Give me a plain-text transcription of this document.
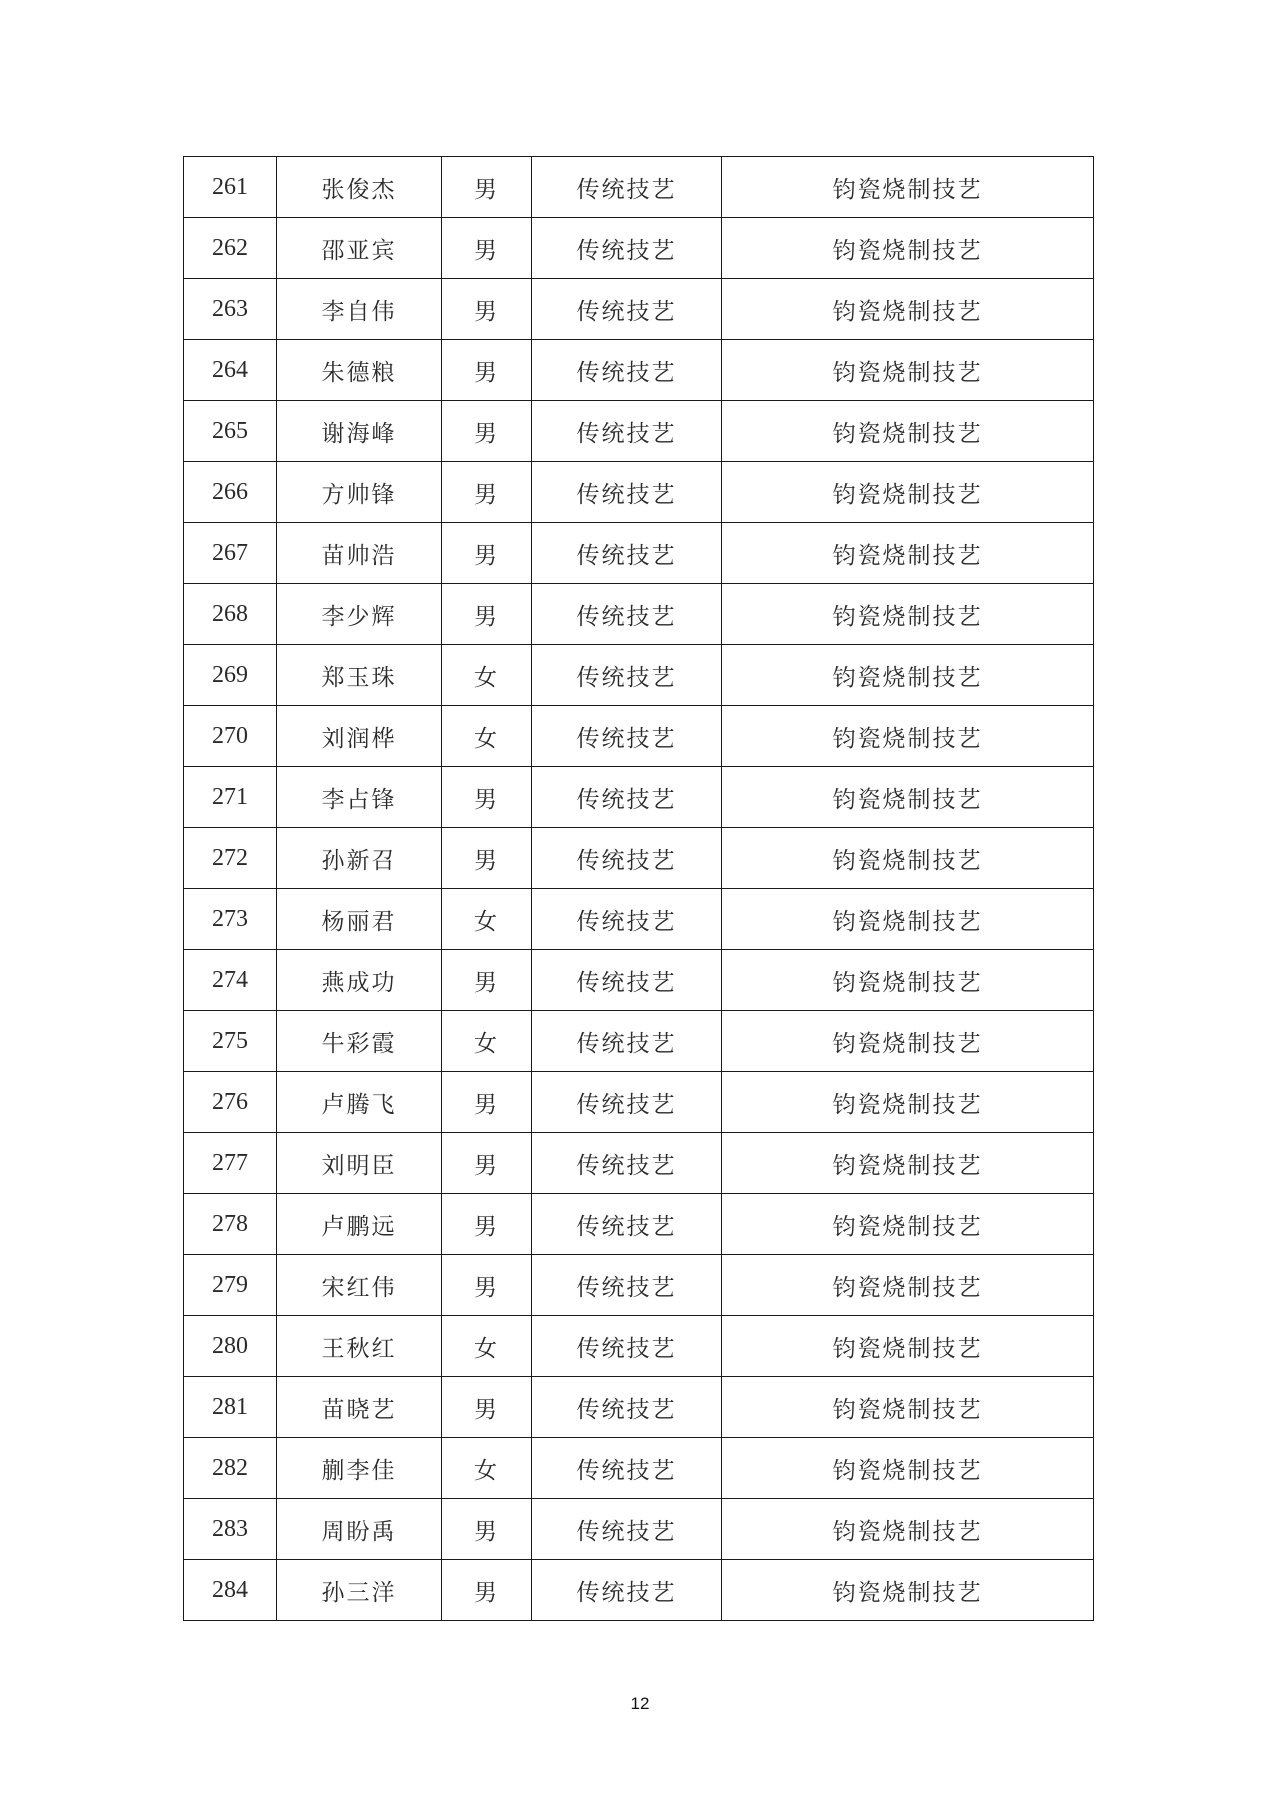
261	张俊杰	男	传统技艺	钧瓷烧制技艺
262	邵亚宾	男	传统技艺	钧瓷烧制技艺
263	李自伟	男	传统技艺	钧瓷烧制技艺
264	朱德粮	男	传统技艺	钧瓷烧制技艺
265	谢海峰	男	传统技艺	钧瓷烧制技艺
266	方帅锋	男	传统技艺	钧瓷烧制技艺
267	苗帅浩	男	传统技艺	钧瓷烧制技艺
268	李少辉	男	传统技艺	钧瓷烧制技艺
269	郑玉珠	女	传统技艺	钧瓷烧制技艺
270	刘润桦	女	传统技艺	钧瓷烧制技艺
271	李占锋	男	传统技艺	钧瓷烧制技艺
272	孙新召	男	传统技艺	钧瓷烧制技艺
273	杨丽君	女	传统技艺	钧瓷烧制技艺
274	燕成功	男	传统技艺	钧瓷烧制技艺
275	牛彩霞	女	传统技艺	钧瓷烧制技艺
276	卢腾飞	男	传统技艺	钧瓷烧制技艺
277	刘明臣	男	传统技艺	钧瓷烧制技艺
278	卢鹏远	男	传统技艺	钧瓷烧制技艺
279	宋红伟	男	传统技艺	钧瓷烧制技艺
280	王秋红	女	传统技艺	钧瓷烧制技艺
281	苗晓艺	男	传统技艺	钧瓷烧制技艺
282	蒯李佳	女	传统技艺	钧瓷烧制技艺
283	周盼禹	男	传统技艺	钧瓷烧制技艺
284	孙三洋	男	传统技艺	钧瓷烧制技艺
12
